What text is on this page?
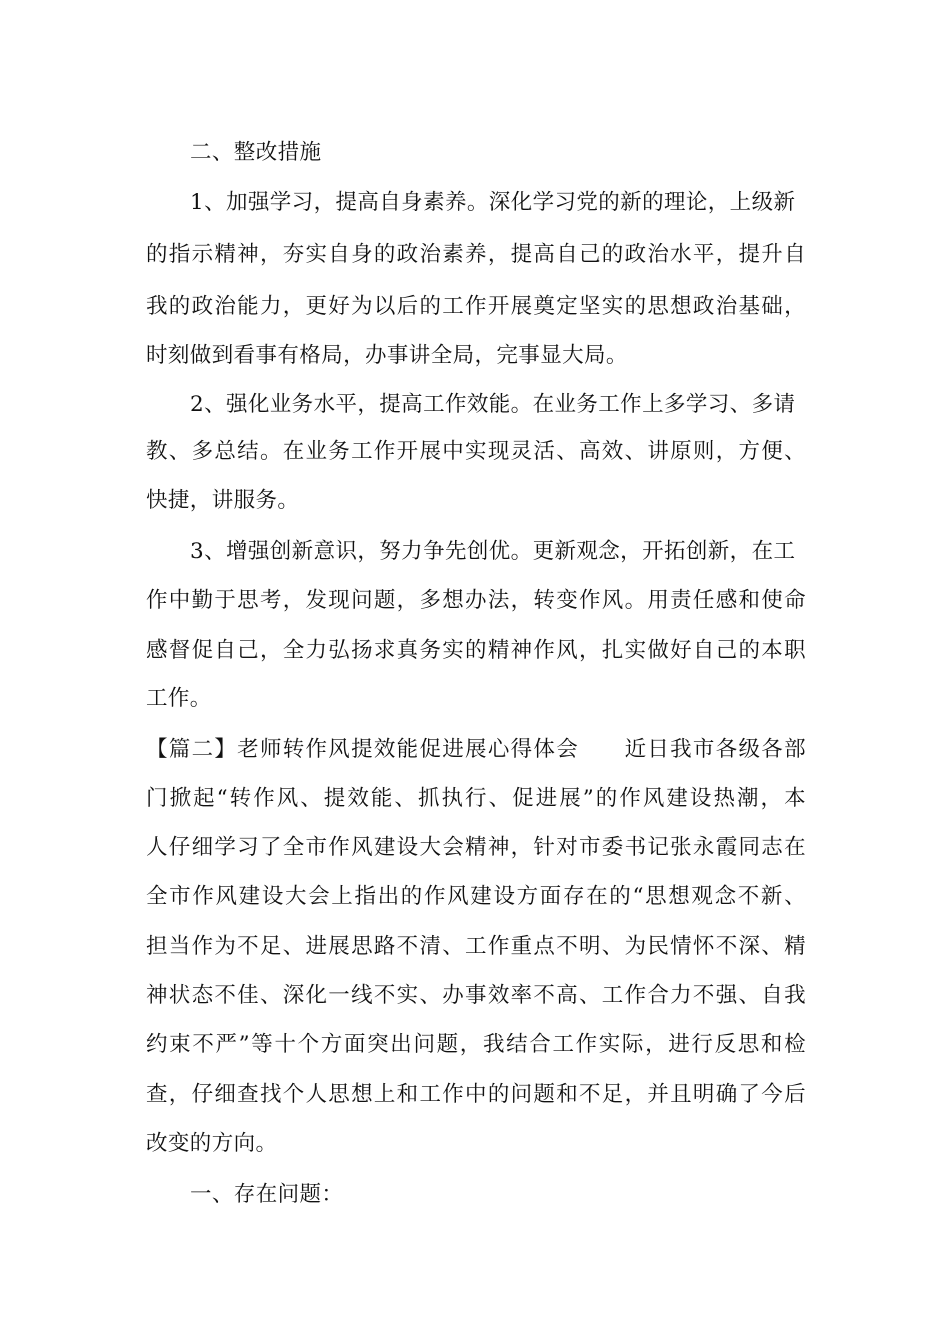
二、整改措施
1、加强学习，提高自身素养。深化学习党的新的理论，上级新
的指示精神，夯实自身的政治素养，提高自己的政治水平，提升自
我的政治能力，更好为以后的工作开展奠定坚实的思想政治基础，
时刻做到看事有格局，办事讲全局，完事显大局。
2、强化业务水平，提高工作效能。在业务工作上多学习、多请
教、多总结。在业务工作开展中实现灵活、高效、讲原则，方便、
快捷，讲服务。
3、增强创新意识，努力争先创优。更新观念，开拓创新，在工
作中勤于思考，发现问题，多想办法，转变作风。用责任感和使命
感督促自己，全力弘扬求真务实的精神作风，扎实做好自己的本职
工作。
【篇二】老师转作风提效能促进展心得体会　　近日我市各级各部
门掀起“转作风、提效能、抓执行、促进展”的作风建设热潮，本
人仔细学习了全市作风建设大会精神，针对市委书记张永霞同志在
全市作风建设大会上指出的作风建设方面存在的“思想观念不新、
担当作为不足、进展思路不清、工作重点不明、为民情怀不深、精
神状态不佳、深化一线不实、办事效率不高、工作合力不强、自我
约束不严”等十个方面突出问题，我结合工作实际，进行反思和检
查，仔细查找个人思想上和工作中的问题和不足，并且明确了今后
改变的方向。
一、存在问题：
